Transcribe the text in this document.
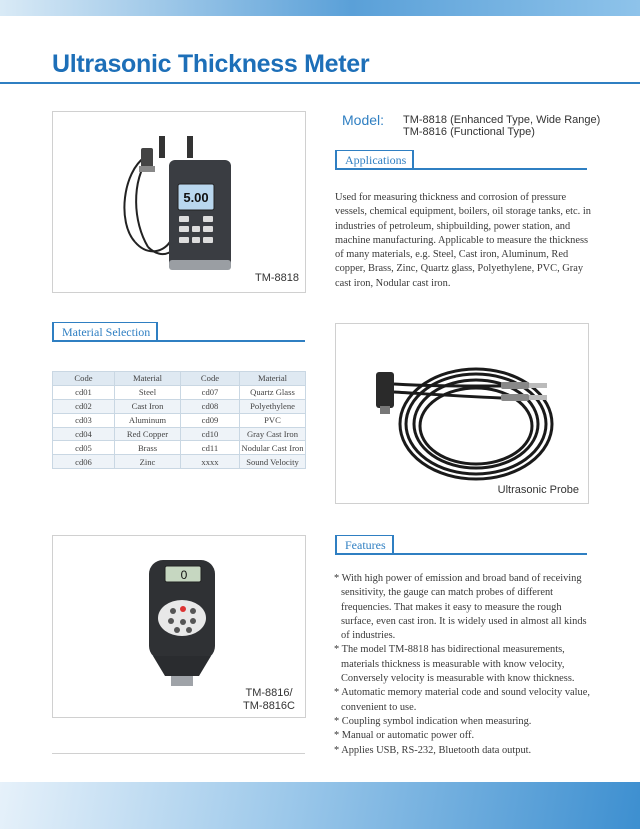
Ultrasonic Thickness Meter
5.00
TM-8818
Model: TM-8818 (Enhanced Type, Wide Range)
TM-8816 (Functional Type)
Applications
Used for measuring thickness and corrosion of pressure vessels, chemical equipment, boilers, oil storage tanks, etc. in industries of petroleum, shipbuilding, power station, and machine manufacturing. Applicable to measure the thickness of many materials, e.g. Steel, Cast iron, Aluminum, Red copper, Brass, Zinc, Quartz glass, Polyethylene, PVC, Gray cast iron, Nodular cast iron.
Material Selection
Code	Material	Code	Material
cd01	Steel	cd07	Quartz Glass
cd02	Cast Iron	cd08	Polyethylene
cd03	Aluminum	cd09	PVC
cd04	Red Copper	cd10	Gray Cast Iron
cd05	Brass	cd11	Nodular Cast Iron
cd06	Zinc	xxxx	Sound Velocity
Ultrasonic Probe
0
TM-8816/
TM-8816C
Features
* With high power of emission and broad band of receiving sensitivity, the gauge can match probes of different frequencies. That makes it easy to measure the rough surface, even cast iron. It is widely used in almost all kinds of industries.
* The model TM-8818 has bidirectional measurements, materials thickness is measurable with know velocity, Conversely velocity is measurable with know thickness.
* Automatic memory material code and sound velocity value, convenient to use.
* Coupling symbol indication when measuring.
* Manual or automatic power off.
* Applies USB, RS-232, Bluetooth data output.
